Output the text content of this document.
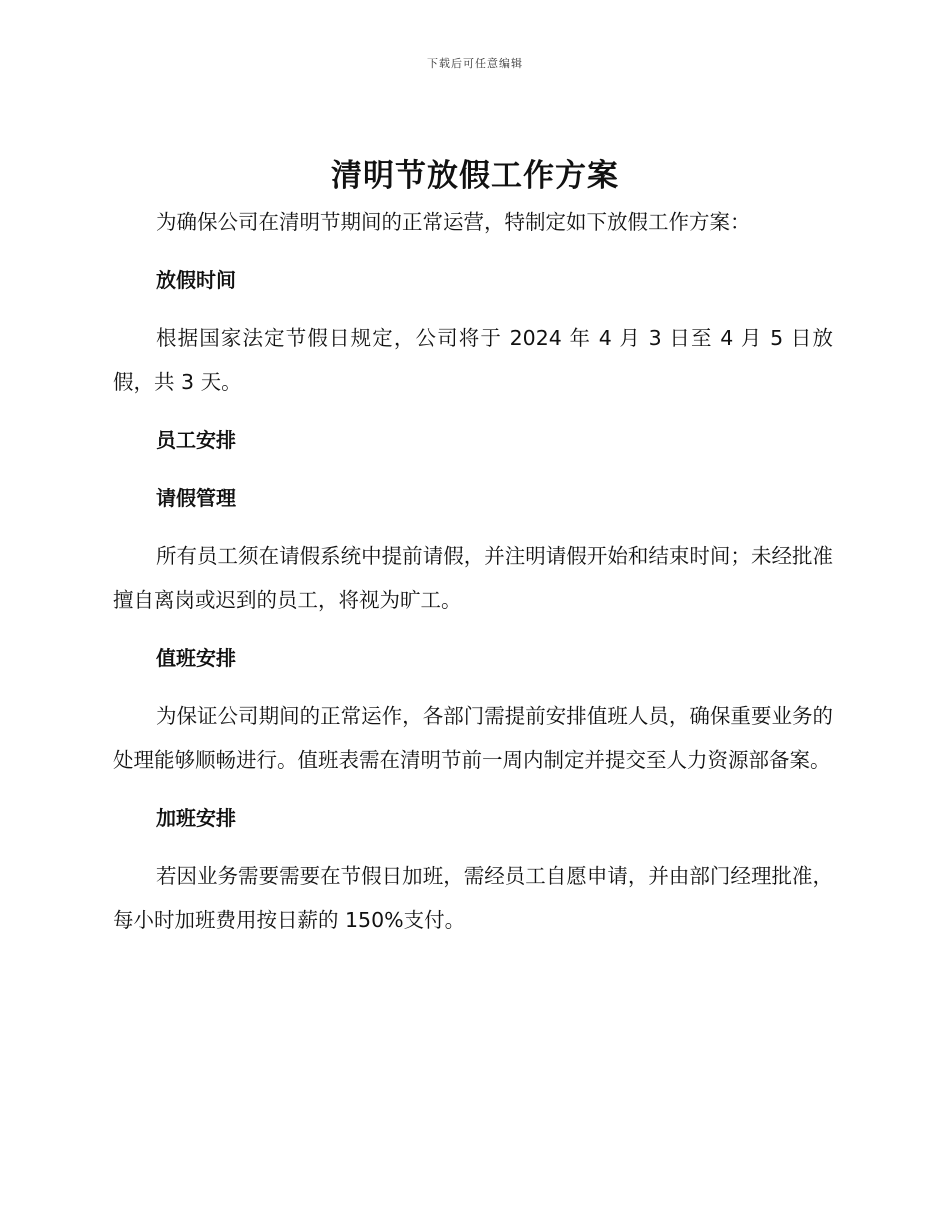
下载后可任意编辑
清明节放假工作方案

为确保公司在清明节期间的正常运营，特制定如下放假工作方案：

放假时间

根据国家法定节假日规定，公司将于 2024 年 4 月 3 日至 4 月 5 日放假，共 3 天。

员工安排

请假管理

所有员工须在请假系统中提前请假，并注明请假开始和结束时间；未经批准擅自离岗或迟到的员工，将视为旷工。

值班安排

为保证公司期间的正常运作，各部门需提前安排值班人员，确保重要业务的处理能够顺畅进行。值班表需在清明节前一周内制定并提交至人力资源部备案。

加班安排

若因业务需要需要在节假日加班，需经员工自愿申请，并由部门经理批准，每小时加班费用按日薪的 150%支付。
